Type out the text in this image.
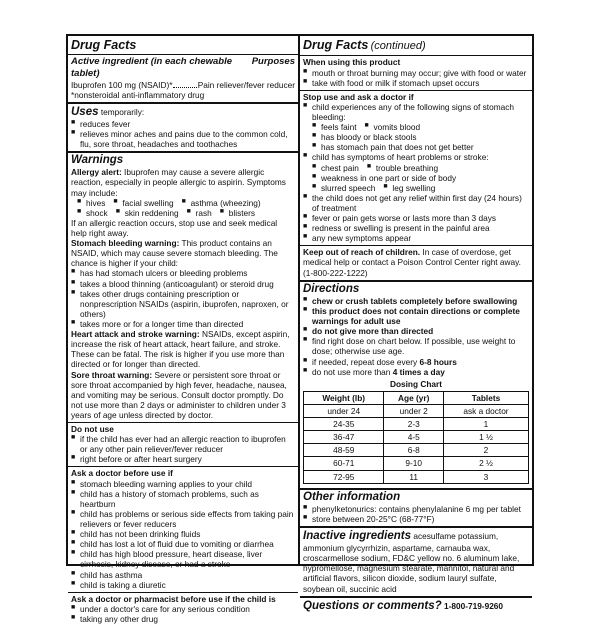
Drug Facts
Active ingredient (in each chewable tablet)
Purposes
Ibuprofen 100 mg (NSAID)*	Pain reliever/fever reducer

*nonsteroidal anti-inflammatory drug

Uses temporarily:

■ reduces fever
■ relieves minor aches and pains due to the common cold, flu, sore throat, headaches and toothaches
Warnings

Allergy alert: Ibuprofen may cause a severe allergic reaction, especially in people allergic to aspirin. Symptoms may include:

■ hives	■ facial swelling	■ asthma (wheezing)
■ shock	■ skin reddening	■ rash	■ blisters

If an allergic reaction occurs, stop use and seek medical help right away.

Stomach bleeding warning: This product contains an NSAID, which may cause severe stomach bleeding. The chance is higher if your child:

■ has had stomach ulcers or bleeding problems
■ takes a blood thinning (anticoagulant) or steroid drug
■ takes other drugs containing prescription or nonprescription NSAIDs (aspirin, ibuprofen, naproxen, or others)
■ takes more or for a longer time than directed

Heart attack and stroke warning: NSAIDs, except aspirin, increase the risk of heart attack, heart failure, and stroke. These can be fatal. The risk is higher if you use more than directed or for longer than directed.

Sore throat warning: Severe or persistent sore throat or sore throat accompanied by high fever, headache, nausea, and vomiting may be serious. Consult doctor promptly. Do not use more than 2 days or administer to children under 3 years of age unless directed by doctor.

Do not use

■ if the child has ever had an allergic reaction to ibuprofen or any other pain reliever/fever reducer
■ right before or after heart surgery

Ask a doctor before use if

■ stomach bleeding warning applies to your child
■ child has a history of stomach problems, such as heartburn
■ child has problems or serious side effects from taking pain relievers or fever reducers
■ child has not been drinking fluids
■ child has lost a lot of fluid due to vomiting or diarrhea
■ child has high blood pressure, heart disease, liver cirrhosis, kidney disease, or had a stroke
■ child has asthma
■ child is taking a diuretic

Ask a doctor or pharmacist before use if the child is

■ under a doctor's care for any serious condition
■ taking any other drug

Drug Facts (continued)

When using this product

■ mouth or throat burning may occur; give with food or water
■ take with food or milk if stomach upset occurs

Stop use and ask a doctor if

■ child experiences any of the following signs of stomach bleeding:
■ feels faint	■ vomits blood
■ has bloody or black stools
■ has stomach pain that does not get better
■ child has symptoms of heart problems or stroke:
■ chest pain	■ trouble breathing
■ weakness in one part or side of body
■ slurred speech	■ leg swelling
■ the child does not get any relief within first day (24 hours) of treatment
■ fever or pain gets worse or lasts more than 3 days
■ redness or swelling is present in the painful area
■ any new symptoms appear

Keep out of reach of children. In case of overdose, get medical help or contact a Poison Control Center right away. (1-800-222-1222)

Directions
■ chew or crush tablets completely before swallowing
■ this product does not contain directions or complete warnings for adult use
■ do not give more than directed
■ find right dose on chart below. If possible, use weight to dose; otherwise use age.
■ if needed, repeat dose every 6-8 hours
■ do not use more than 4 times a day

Dosing Chart

Weight (lb)	Age (yr)	Tablets
under 24	under 2	ask a doctor
24-35	2-3	1
36-47	4-5	1 ½
48-59	6-8	2
60-71	9-10	2 ½
72-95	11	3
Other information
■ phenylketonurics: contains phenylalanine 6 mg per tablet
■ store between 20-25°C (68-77°F)

Inactive ingredients acesulfame potassium, ammonium glycyrrhizin, aspartame, carnauba wax, croscarmellose sodium, FD&C yellow no. 6 aluminum lake, hypromellose, magnesium stearate, mannitol, natural and artificial flavors, silicon dioxide, sodium lauryl sulfate, soybean oil, succinic acid

Questions or comments? 1-800-719-9260
